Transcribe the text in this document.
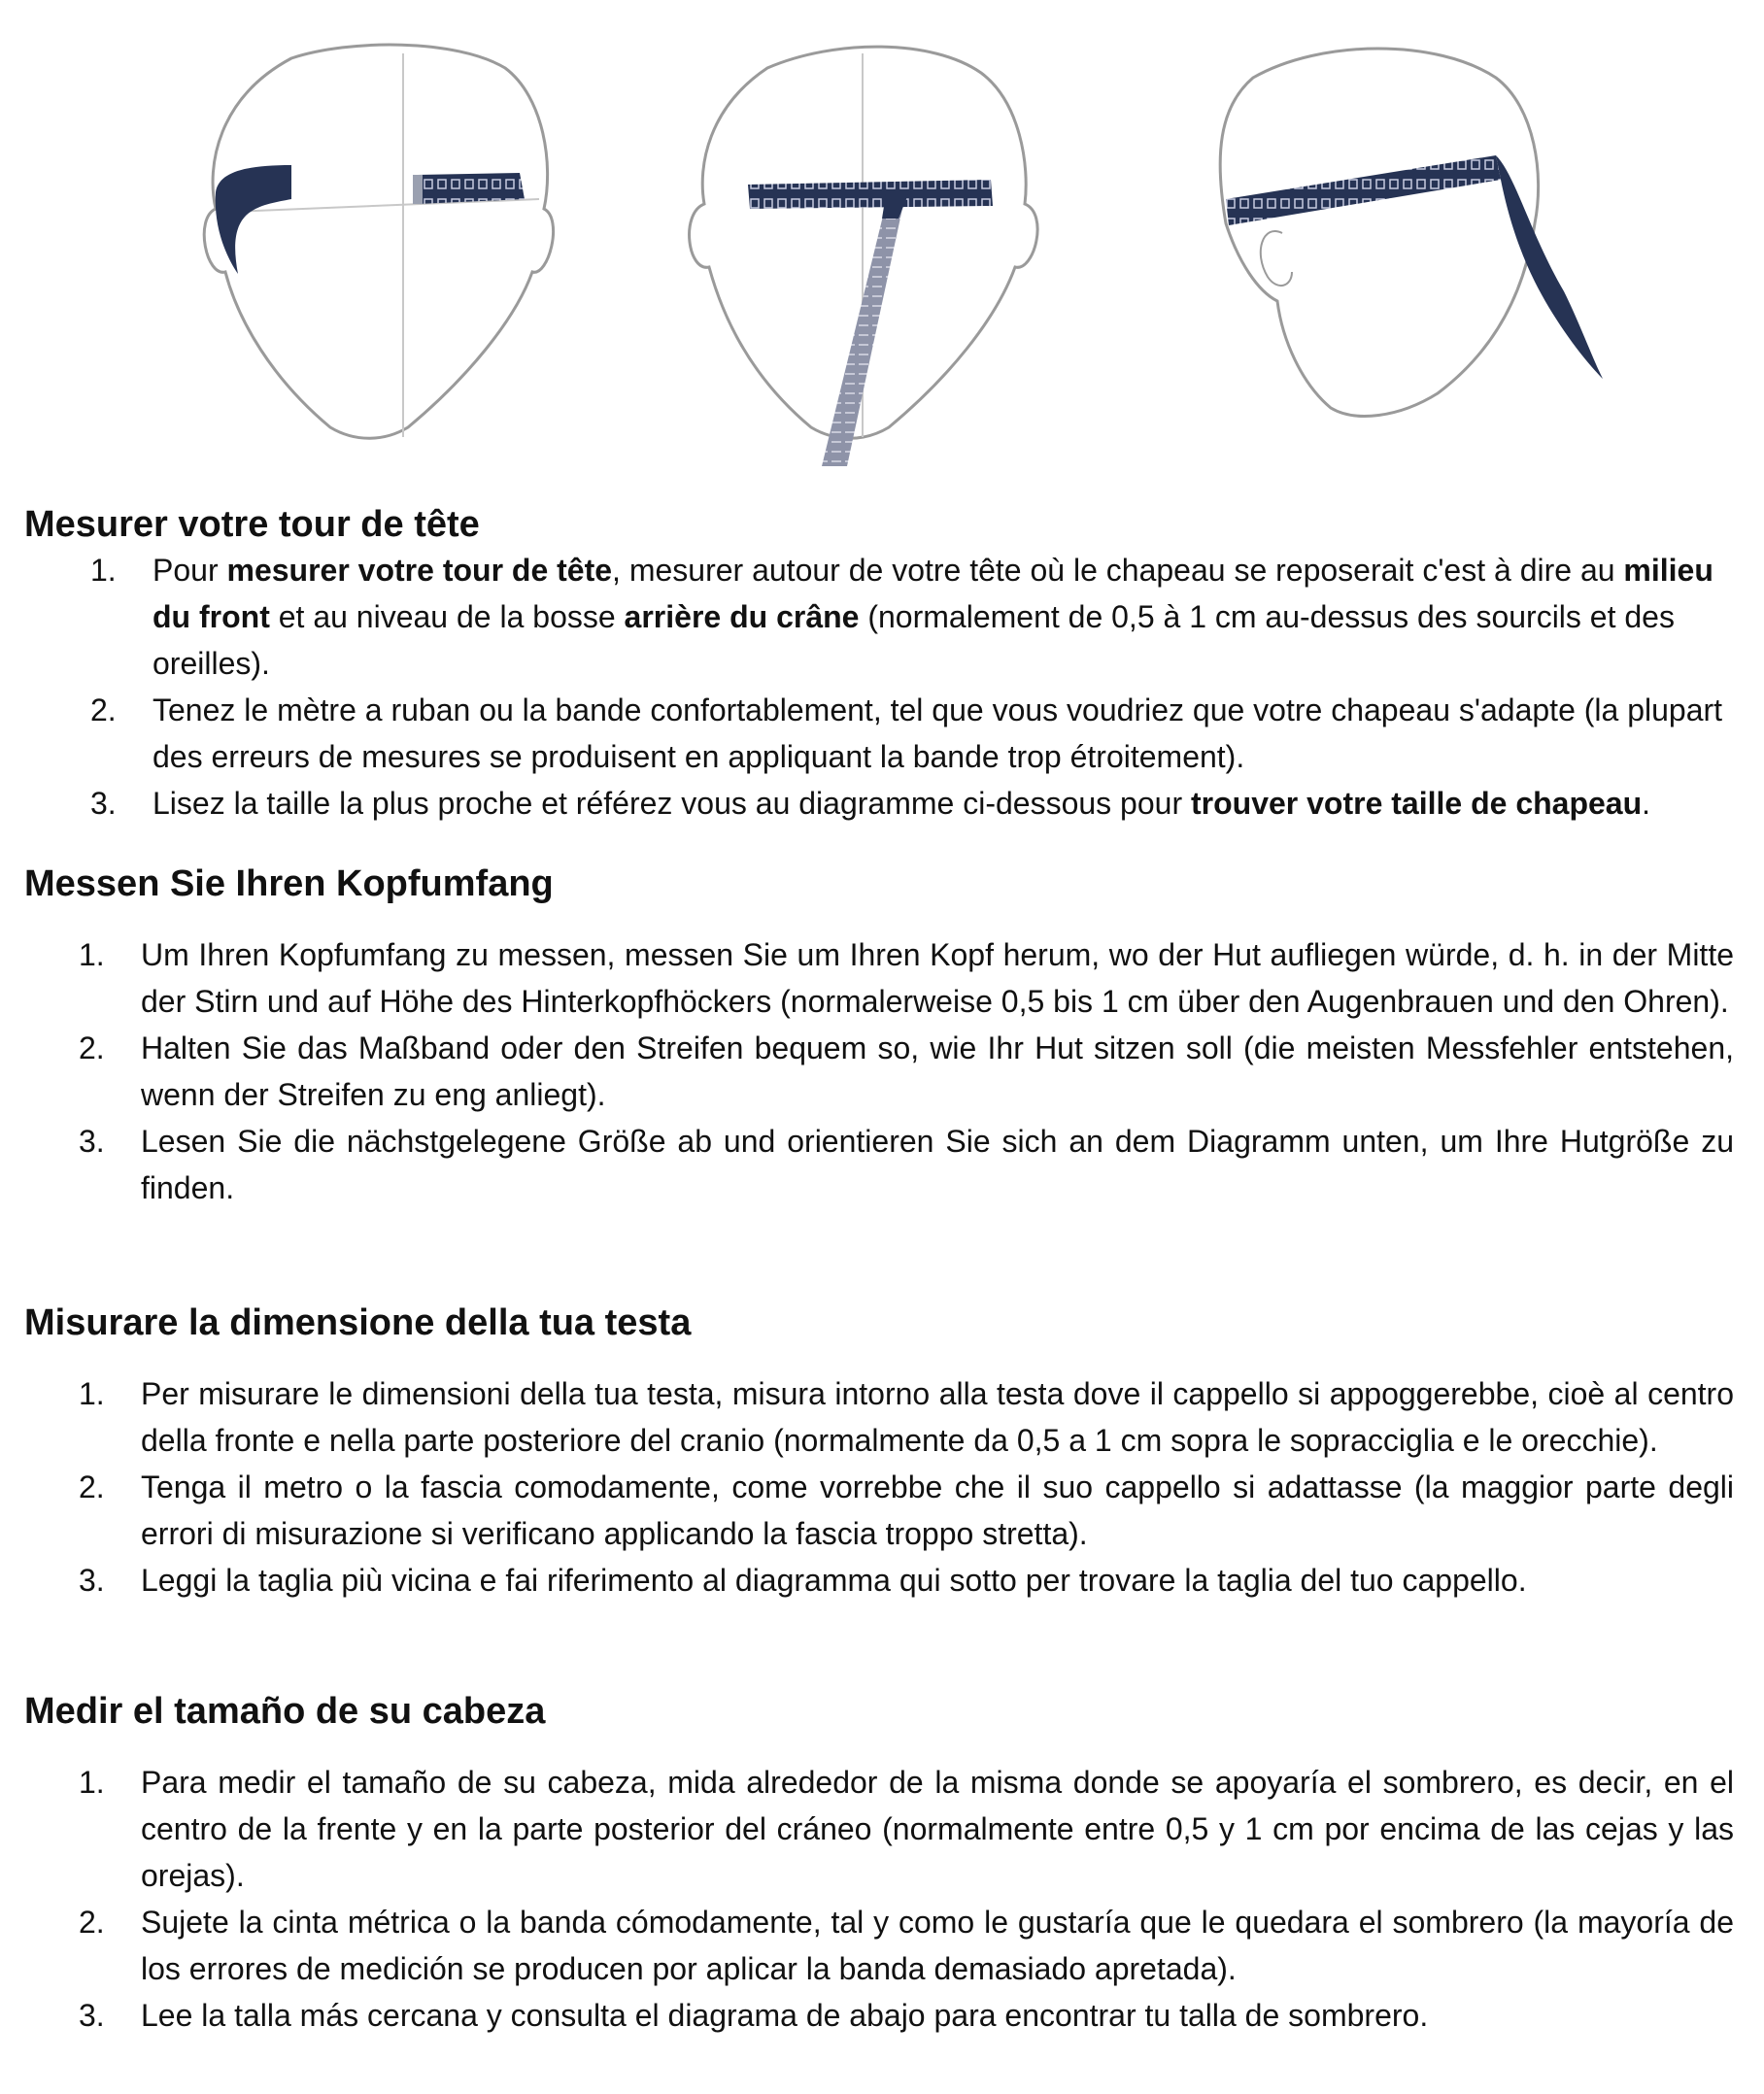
Mesurer votre tour de tête
1. Pour mesurer votre tour de tête, mesurer autour de votre tête où le chapeau se reposerait c'est à dire au milieu du front et au niveau de la bosse arrière du crâne (normalement de 0,5 à 1 cm au-dessus des sourcils et des oreilles).
2. Tenez le mètre a ruban ou la bande confortablement, tel que vous voudriez que votre chapeau s'adapte (la plupart des erreurs de mesures se produisent en appliquant la bande trop étroitement).
3. Lisez la taille la plus proche et référez vous au diagramme ci-dessous pour trouver votre taille de chapeau.
Messen Sie Ihren Kopfumfang
1. Um Ihren Kopfumfang zu messen, messen Sie um Ihren Kopf herum, wo der Hut aufliegen würde, d. h. in der Mitte der Stirn und auf Höhe des Hinterkopfhöckers (normalerweise 0,5 bis 1 cm über den Augenbrauen und den Ohren).
2. Halten Sie das Maßband oder den Streifen bequem so, wie Ihr Hut sitzen soll (die meisten Messfehler entstehen, wenn der Streifen zu eng anliegt).
3. Lesen Sie die nächstgelegene Größe ab und orientieren Sie sich an dem Diagramm unten, um Ihre Hutgröße zu finden.
Misurare la dimensione della tua testa
1. Per misurare le dimensioni della tua testa, misura intorno alla testa dove il cappello si appoggerebbe, cioè al centro della fronte e nella parte posteriore del cranio (normalmente da 0,5 a 1 cm sopra le sopracciglia e le orecchie).
2. Tenga il metro o la fascia comodamente, come vorrebbe che il suo cappello si adattasse (la maggior parte degli errori di misurazione si verificano applicando la fascia troppo stretta).
3. Leggi la taglia più vicina e fai riferimento al diagramma qui sotto per trovare la taglia del tuo cappello.
Medir el tamaño de su cabeza
1. Para medir el tamaño de su cabeza, mida alrededor de la misma donde se apoyaría el sombrero, es decir, en el centro de la frente y en la parte posterior del cráneo (normalmente entre 0,5 y 1 cm por encima de las cejas y las orejas).
2. Sujete la cinta métrica o la banda cómodamente, tal y como le gustaría que le quedara el sombrero (la mayoría de los errores de medición se producen por aplicar la banda demasiado apretada).
3. Lee la talla más cercana y consulta el diagrama de abajo para encontrar tu talla de sombrero.
